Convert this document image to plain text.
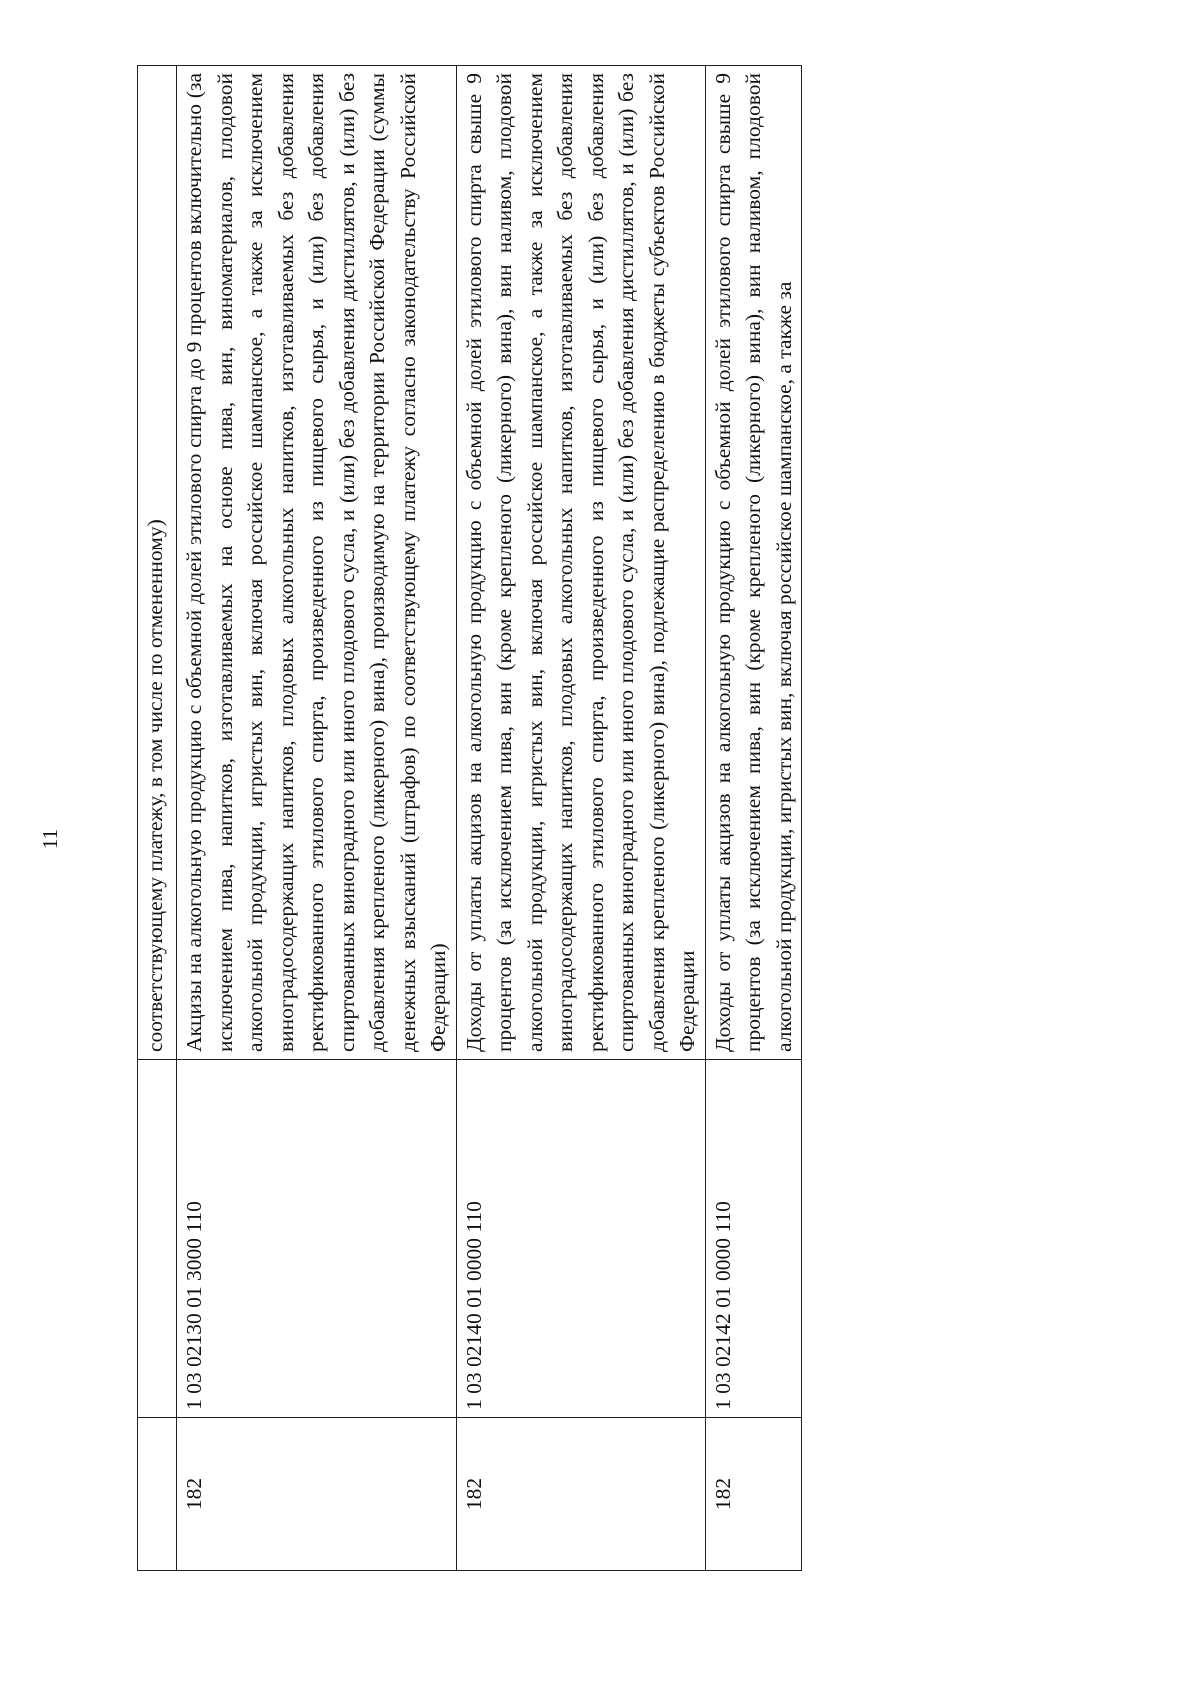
11
			соответствующему платежу, в том числе по отмененному)
182	1 03 02130 01 3000 110	Акцизы на алкогольную продукцию с объемной долей этилового спирта до 9 процентов включительно (за исключением пива, напитков, изготавливаемых на основе пива, вин, виноматериалов, плодовой алкогольной продукции, игристых вин, включая российское шампанское, а также за исключением виноградосодержащих напитков, плодовых алкогольных напитков, изготавливаемых без добавления ректификованного этилового спирта, произведенного из пищевого сырья, и (или) без добавления спиртованных виноградного или иного плодового сусла, и (или) без добавления дистиллятов, и (или) без добавления крепленого (ликерного) вина), производимую на территории Российской Федерации (суммы денежных взысканий (штрафов) по соответствующему платежу согласно законодательству Российской Федерации)
182	1 03 02140 01 0000 110	Доходы от уплаты акцизов на алкогольную продукцию с объемной долей этилового спирта свыше 9 процентов (за исключением пива, вин (кроме крепленого (ликерного) вина), вин наливом, плодовой алкогольной продукции, игристых вин, включая российское шампанское, а также за исключением виноградосодержащих напитков, плодовых алкогольных напитков, изготавливаемых без добавления ректификованного этилового спирта, произведенного из пищевого сырья, и (или) без добавления спиртованных виноградного или иного плодового сусла, и (или) без добавления дистиллятов, и (или) без добавления крепленого (ликерного) вина), подлежащие распределению в бюджеты субъектов Российской Федерации
182	1 03 02142 01 0000 110	Доходы от уплаты акцизов на алкогольную продукцию с объемной долей этилового спирта свыше 9 процентов (за исключением пива, вин (кроме крепленого (ликерного) вина), вин наливом, плодовой алкогольной продукции, игристых вин, включая российское шампанское, а также за
